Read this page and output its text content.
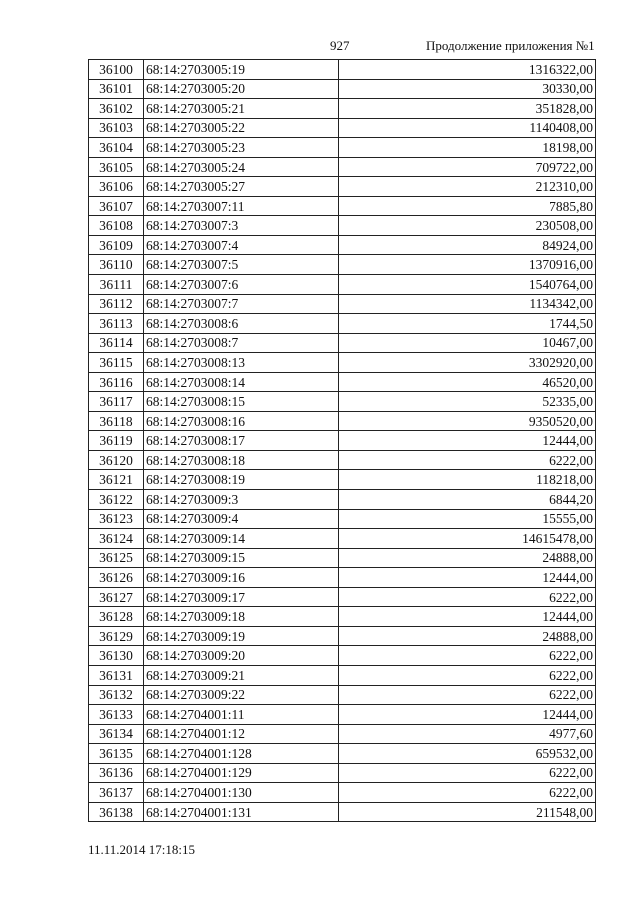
927	Продолжение приложения №1
36100	68:14:2703005:19	1316322,00
36101	68:14:2703005:20	30330,00
36102	68:14:2703005:21	351828,00
36103	68:14:2703005:22	1140408,00
36104	68:14:2703005:23	18198,00
36105	68:14:2703005:24	709722,00
36106	68:14:2703005:27	212310,00
36107	68:14:2703007:11	7885,80
36108	68:14:2703007:3	230508,00
36109	68:14:2703007:4	84924,00
36110	68:14:2703007:5	1370916,00
36111	68:14:2703007:6	1540764,00
36112	68:14:2703007:7	1134342,00
36113	68:14:2703008:6	1744,50
36114	68:14:2703008:7	10467,00
36115	68:14:2703008:13	3302920,00
36116	68:14:2703008:14	46520,00
36117	68:14:2703008:15	52335,00
36118	68:14:2703008:16	9350520,00
36119	68:14:2703008:17	12444,00
36120	68:14:2703008:18	6222,00
36121	68:14:2703008:19	118218,00
36122	68:14:2703009:3	6844,20
36123	68:14:2703009:4	15555,00
36124	68:14:2703009:14	14615478,00
36125	68:14:2703009:15	24888,00
36126	68:14:2703009:16	12444,00
36127	68:14:2703009:17	6222,00
36128	68:14:2703009:18	12444,00
36129	68:14:2703009:19	24888,00
36130	68:14:2703009:20	6222,00
36131	68:14:2703009:21	6222,00
36132	68:14:2703009:22	6222,00
36133	68:14:2704001:11	12444,00
36134	68:14:2704001:12	4977,60
36135	68:14:2704001:128	659532,00
36136	68:14:2704001:129	6222,00
36137	68:14:2704001:130	6222,00
36138	68:14:2704001:131	211548,00
11.11.2014 17:18:15
